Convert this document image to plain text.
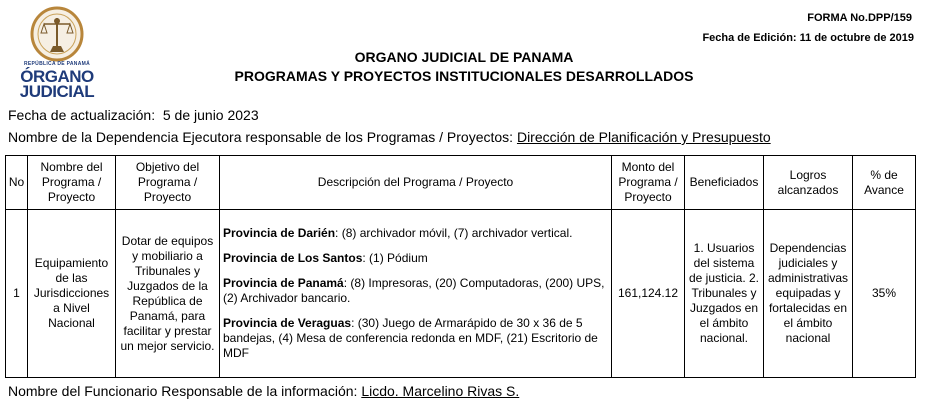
REPÚBLICA DE PANAMÁ
ÓRGANO
JUDICIAL
FORMA No.DPP/159
Fecha de Edición: 11 de octubre de 2019
ORGANO JUDICIAL DE PANAMA
PROGRAMAS Y PROYECTOS INSTITUCIONALES DESARROLLADOS
Fecha de actualización: 5 de junio 2023
Nombre de la Dependencia Ejecutora responsable de los Programas / Proyectos: Dirección de Planificación y Presupuesto
No	Nombre del Programa / Proyecto	Objetivo del Programa / Proyecto	Descripción del Programa / Proyecto	Monto del Programa / Proyecto	Beneficiados	Logros alcanzados	% de Avance
1	Equipamiento de las Jurisdicciones a Nivel Nacional	Dotar de equipos y mobiliario a Tribunales y Juzgados de la República de Panamá, para facilitar y prestar un mejor servicio.	Provincia de Darién: (8) archivador móvil, (7) archivador vertical.

Provincia de Los Santos: (1) Pódium

Provincia de Panamá: (8) Impresoras, (20) Computadoras, (200) UPS, (2) Archivador bancario.

Provincia de Veraguas: (30) Juego de Armarápido de 30 x 36 de 5 bandejas, (4) Mesa de conferencia redonda en MDF, (21) Escritorio de MDF	161,124.12	1. Usuarios del sistema de justicia. 2. Tribunales y Juzgados en el ámbito nacional.	Dependencias judiciales y administrativas equipadas y fortalecidas en el ámbito nacional	35%
Nombre del Funcionario Responsable de la información: Licdo. Marcelino Rivas S.
